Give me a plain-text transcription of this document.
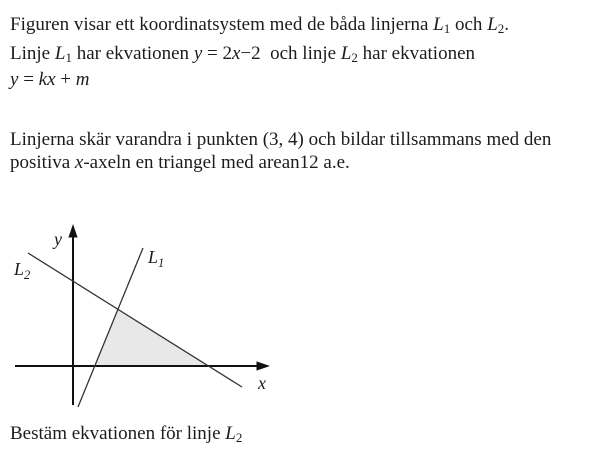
Figuren visar ett koordinatsystem med de båda linjerna $L_1$ och $L_2$.
Linje $L_1$ har ekvationen y = 2x−2  och linje $L_2$ har ekvationen
y = kx + m
Linjerna skär varandra i punkten (3, 4) och bildar tillsammans med den
positiva x-axeln en triangel med arean12 a.e.
y
x
$L_1$
$L_2$
Bestäm ekvationen för linje $L_2$
